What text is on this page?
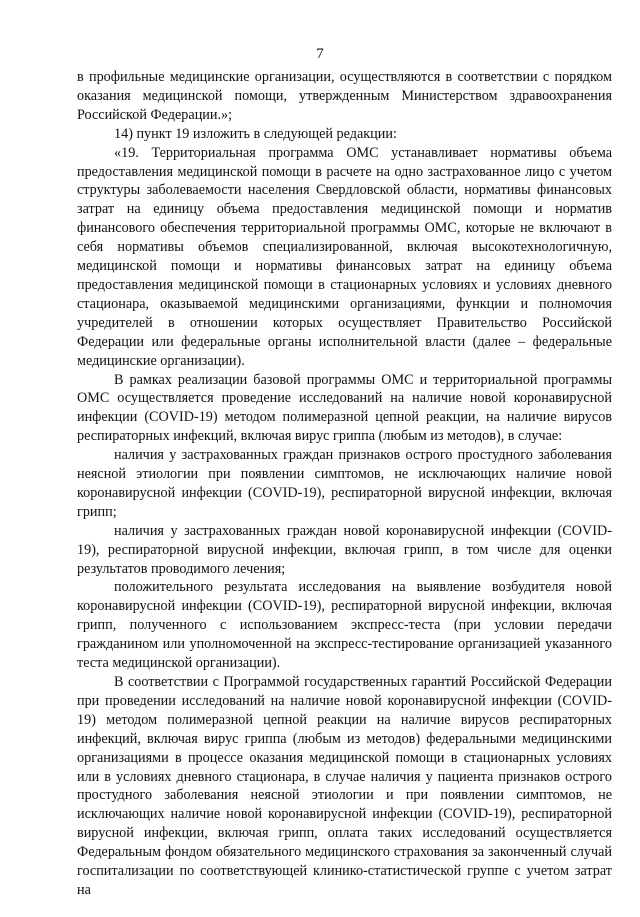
7

в профильные медицинские организации, осуществляются в соответствии с порядком оказания медицинской помощи, утвержденным Министерством здравоохранения Российской Федерации.»;

14) пункт 19 изложить в следующей редакции:

«19. Территориальная программа ОМС устанавливает нормативы объема предоставления медицинской помощи в расчете на одно застрахованное лицо с учетом структуры заболеваемости населения Свердловской области, нормативы финансовых затрат на единицу объема предоставления медицинской помощи и норматив финансового обеспечения территориальной программы ОМС, которые не включают в себя нормативы объемов специализированной, включая высокотехнологичную, медицинской помощи и нормативы финансовых затрат на единицу объема предоставления медицинской помощи в стационарных условиях и условиях дневного стационара, оказываемой медицинскими организациями, функции и полномочия учредителей в отношении которых осуществляет Правительство Российской Федерации или федеральные органы исполнительной власти (далее – федеральные медицинские организации).

В рамках реализации базовой программы ОМС и территориальной программы ОМС осуществляется проведение исследований на наличие новой коронавирусной инфекции (COVID-19) методом полимеразной цепной реакции, на наличие вирусов респираторных инфекций, включая вирус гриппа (любым из методов), в случае:

наличия у застрахованных граждан признаков острого простудного заболевания неясной этиологии при появлении симптомов, не исключающих наличие новой коронавирусной инфекции (COVID-19), респираторной вирусной инфекции, включая грипп;

наличия у застрахованных граждан новой коронавирусной инфекции (COVID-19), респираторной вирусной инфекции, включая грипп, в том числе для оценки результатов проводимого лечения;

положительного результата исследования на выявление возбудителя новой коронавирусной инфекции (COVID-19), респираторной вирусной инфекции, включая грипп, полученного с использованием экспресс-теста (при условии передачи гражданином или уполномоченной на экспресс-тестирование организацией указанного теста медицинской организации).

В соответствии с Программой государственных гарантий Российской Федерации при проведении исследований на наличие новой коронавирусной инфекции (COVID-19) методом полимеразной цепной реакции на наличие вирусов респираторных инфекций, включая вирус гриппа (любым из методов) федеральными медицинскими организациями в процессе оказания медицинской помощи в стационарных условиях или в условиях дневного стационара, в случае наличия у пациента признаков острого простудного заболевания неясной этиологии и при появлении симптомов, не исключающих наличие новой коронавирусной инфекции (COVID-19), респираторной вирусной инфекции, включая грипп, оплата таких исследований осуществляется Федеральным фондом обязательного медицинского страхования за законченный случай госпитализации по соответствующей клинико-статистической группе с учетом затрат на
